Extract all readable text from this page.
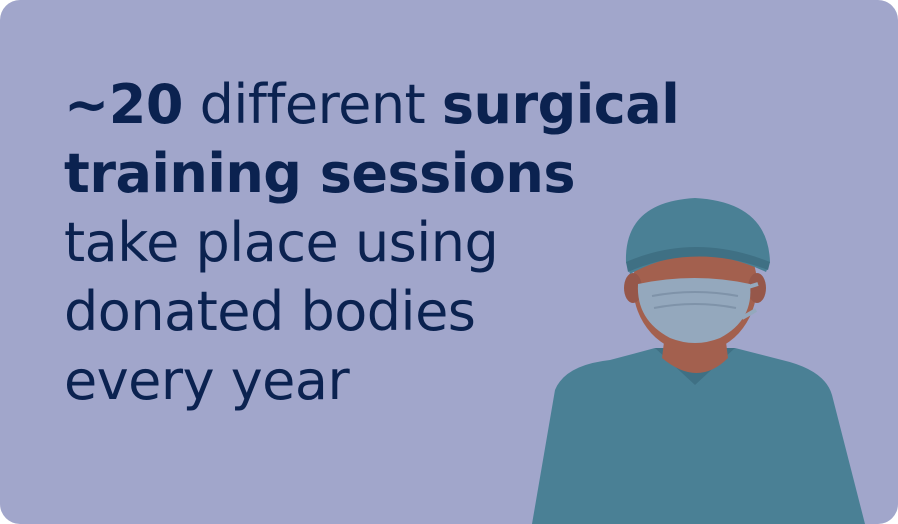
~20 different surgical
training sessions
take place using
donated bodies
every year
